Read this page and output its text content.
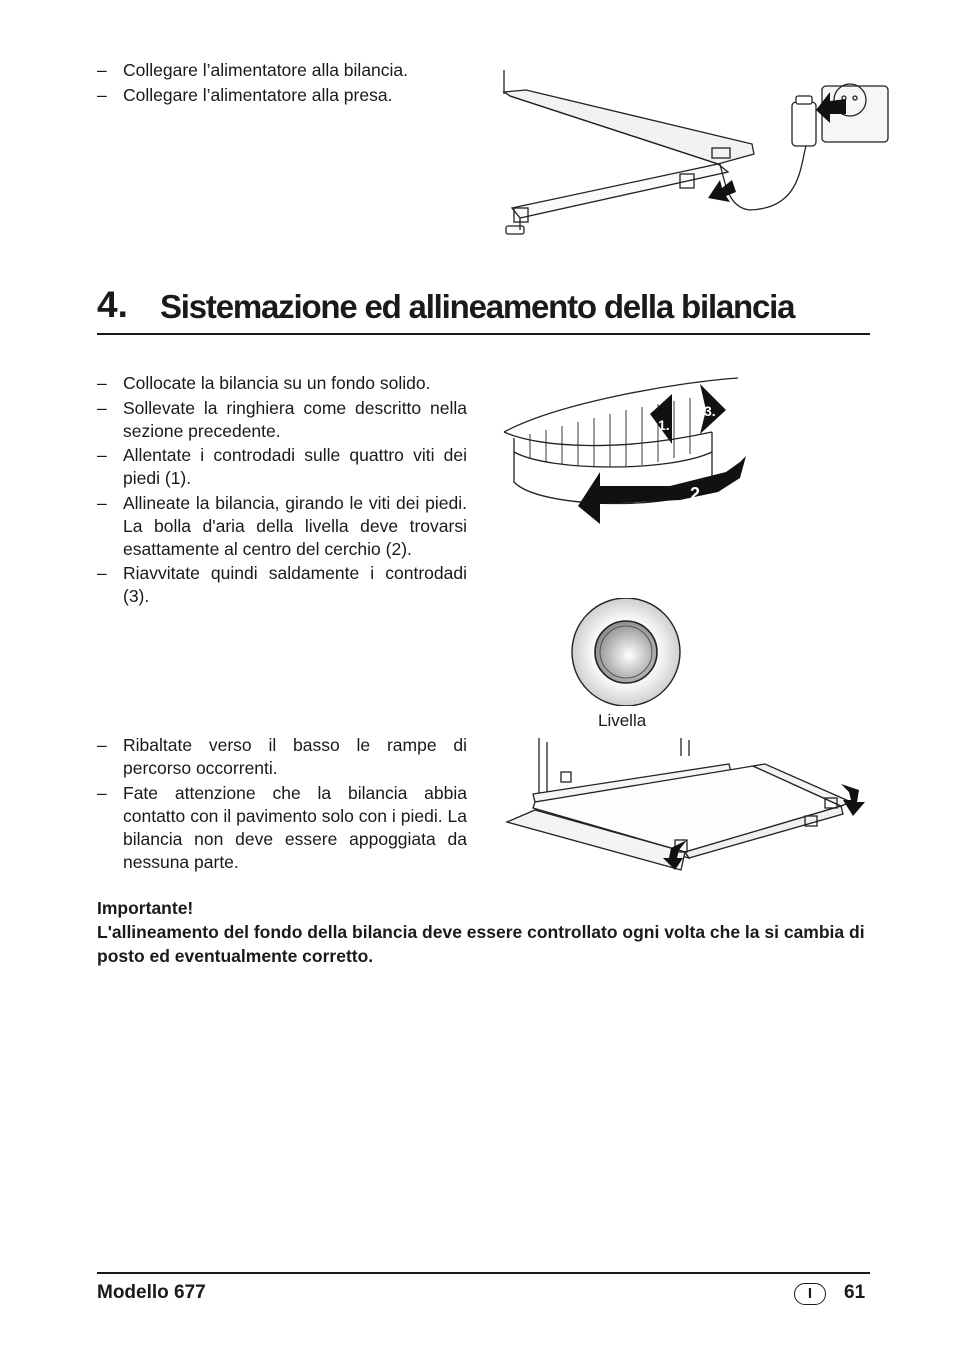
– Collegare l’alimentatore alla bilancia.
– Collegare l’alimentatore alla presa.
4. Sistemazione ed allineamento della bilancia
– Collocate la bilancia su un fondo solido.
– Sollevate la ringhiera come descritto nella sezione precedente.
– Allentate i controdadi sulle quattro viti dei piedi (1).
– Allineate la bilancia, girando le viti dei piedi. La bolla d'aria della livella deve trovarsi esattamente al centro del cerchio (2).
– Riavvitate quindi saldamente i controdadi (3).
1.
3.
2.
Livella
– Ribaltate verso il basso le rampe di percorso occorrenti.
– Fate attenzione che la bilancia abbia contatto con il pavimento solo con i piedi. La bilancia non deve essere appoggiata da nessuna parte.
Importante!
L'allineamento del fondo della bilancia deve essere controllato ogni volta che la si cambia di posto ed eventualmente corretto.
Modello 677	I	61
